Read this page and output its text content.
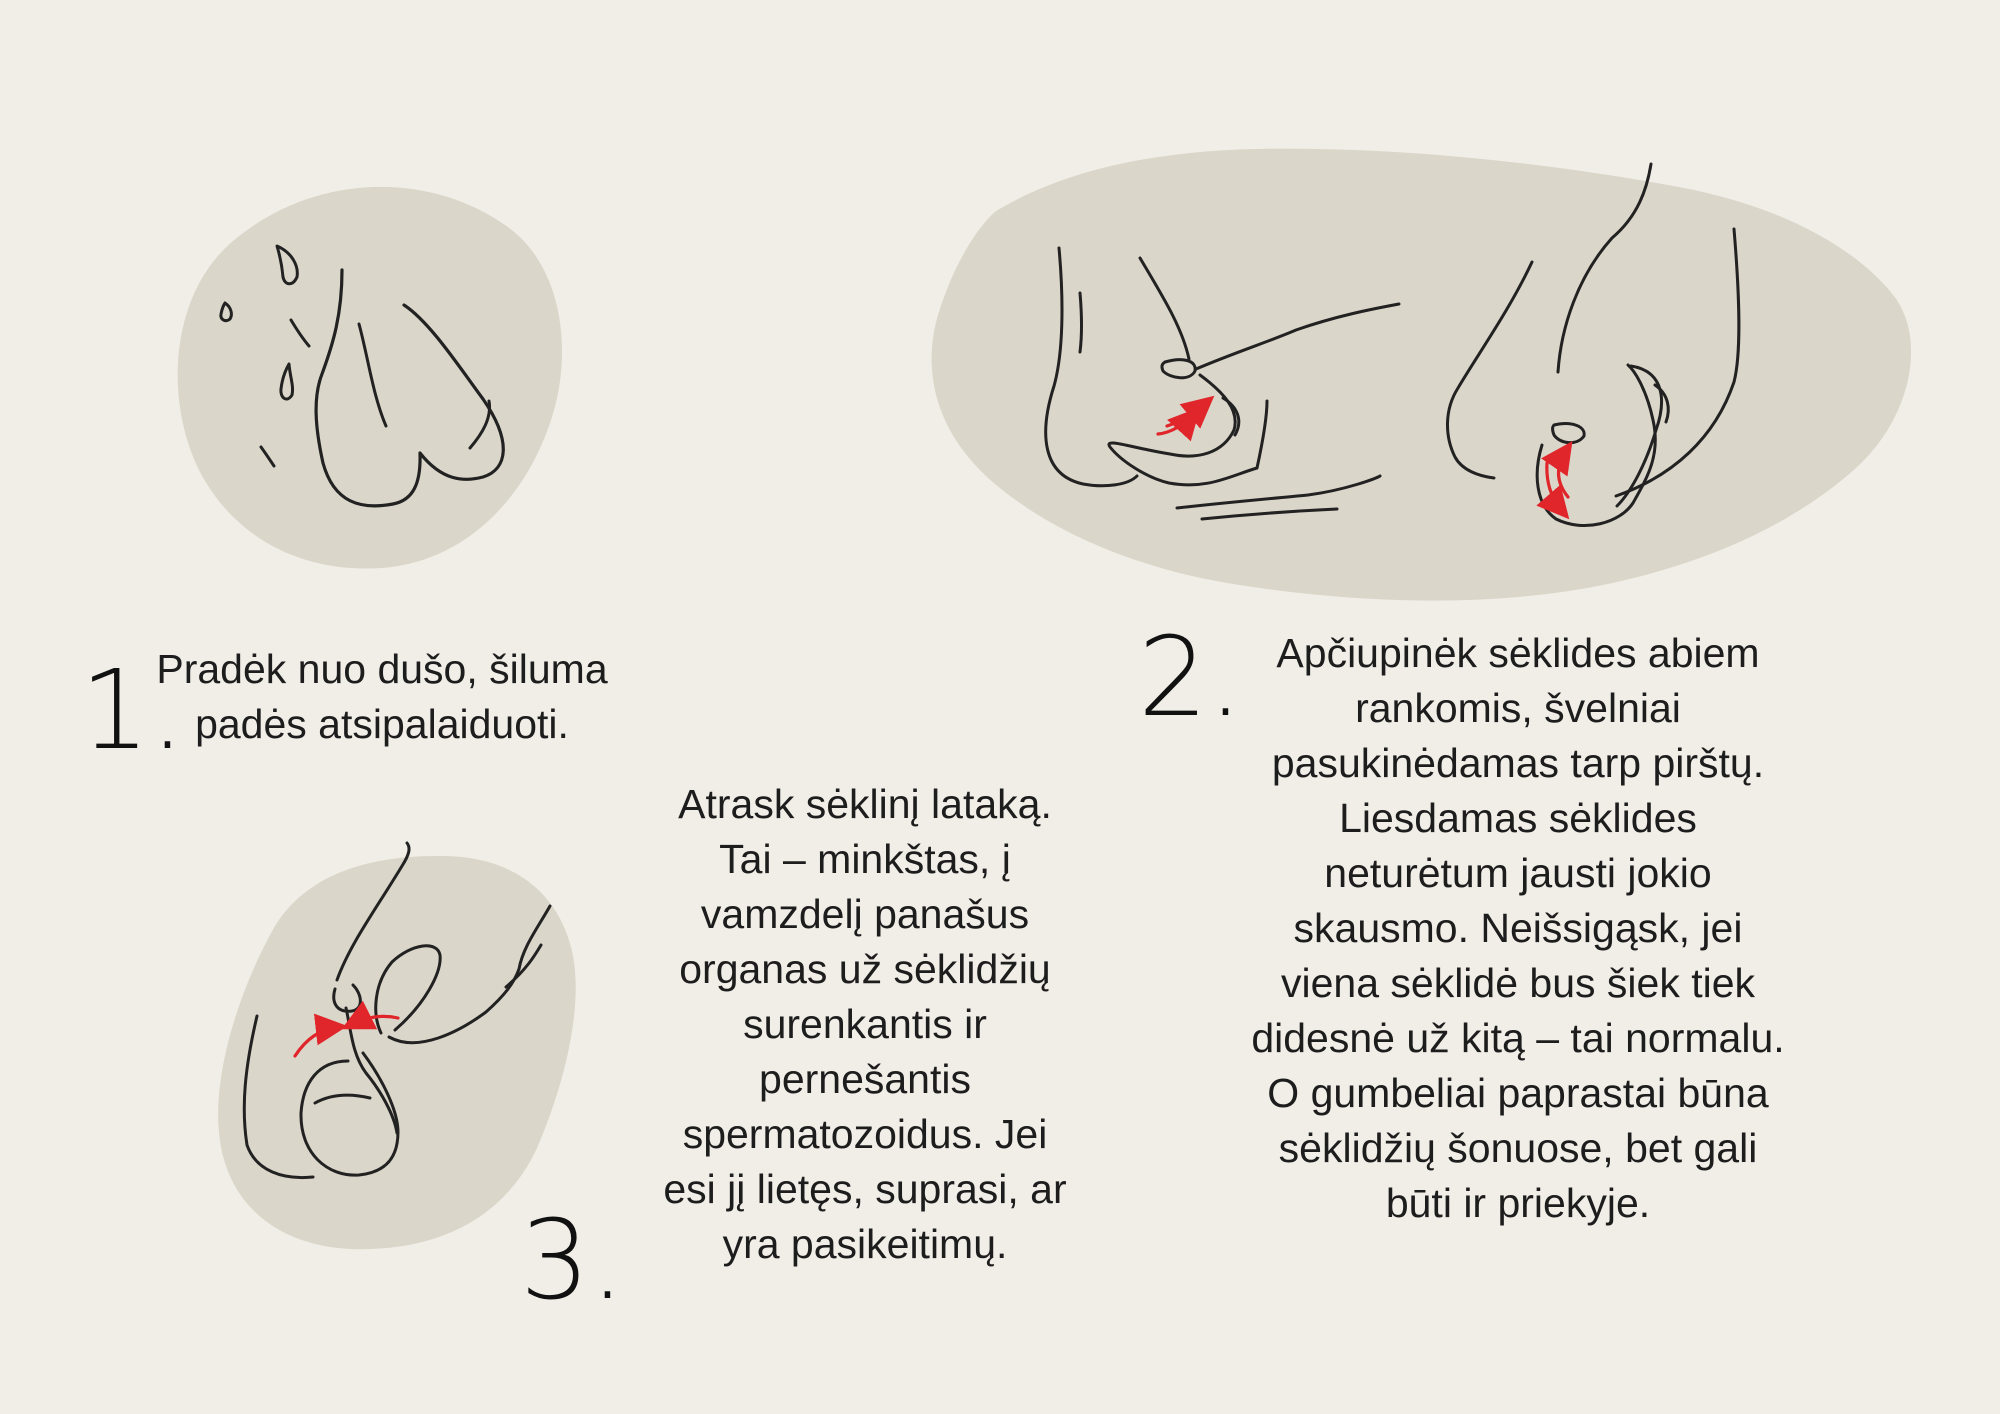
1.
Pradėk nuo dušo, šiluma
padės atsipalaiduoti.	2. Apčiupinėk sėklides abiem
rankomis, švelniai
pasukinėdamas tarp pirštų.
Liesdamas sėklides
neturėtum jausti jokio
skausmo. Neišsigąsk, jei
viena sėklidė bus šiek tiek
didesnė už kitą – tai normalu.
O gumbeliai paprastai būna
sėklidžių šonuose, bet gali
būti ir priekyje.
3.
Atrask sėklinį lataką.
Tai – minkštas, į
vamzdelį panašus
organas už sėklidžių
surenkantis ir
pernešantis
spermatozoidus. Jei
esi jį lietęs, suprasi, ar
yra pasikeitimų.
